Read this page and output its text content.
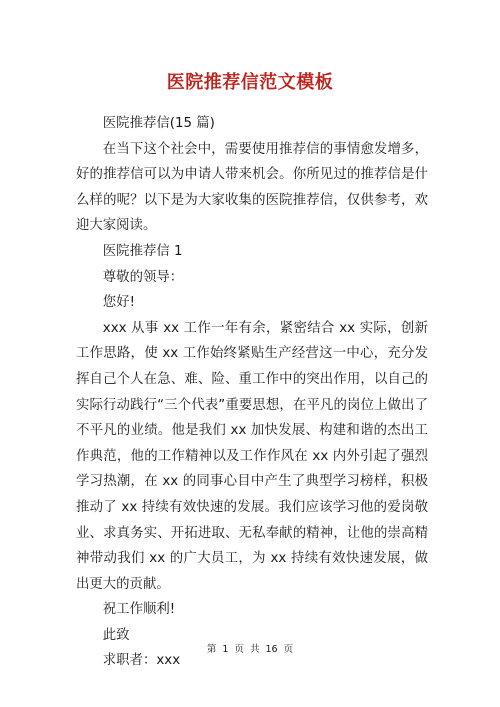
医院推荐信范文模板

医院推荐信(15 篇)

在当下这个社会中，需要使用推荐信的事情愈发增多，好的推荐信可以为申请人带来机会。你所见过的推荐信是什么样的呢？以下是为大家收集的医院推荐信，仅供参考，欢迎大家阅读。

医院推荐信 1

尊敬的领导：

您好!

xxx 从事 xx 工作一年有余，紧密结合 xx 实际，创新工作思路，使 xx 工作始终紧贴生产经营这一中心，充分发挥自己个人在急、难、险、重工作中的突出作用，以自己的实际行动践行“三个代表”重要思想，在平凡的岗位上做出了不平凡的业绩。他是我们 xx 加快发展、构建和谐的杰出工作典范，他的工作精神以及工作作风在 xx 内外引起了强烈学习热潮，在 xx 的同事心目中产生了典型学习榜样，积极推动了 xx 持续有效快速的发展。我们应该学习他的爱岗敬业、求真务实、开拓进取、无私奉献的精神，让他的崇高精神带动我们 xx 的广大员工，为 xx 持续有效快速发展，做出更大的贡献。

祝工作顺利!

此致

求职者：xxx

第 1 页 共 16 页
